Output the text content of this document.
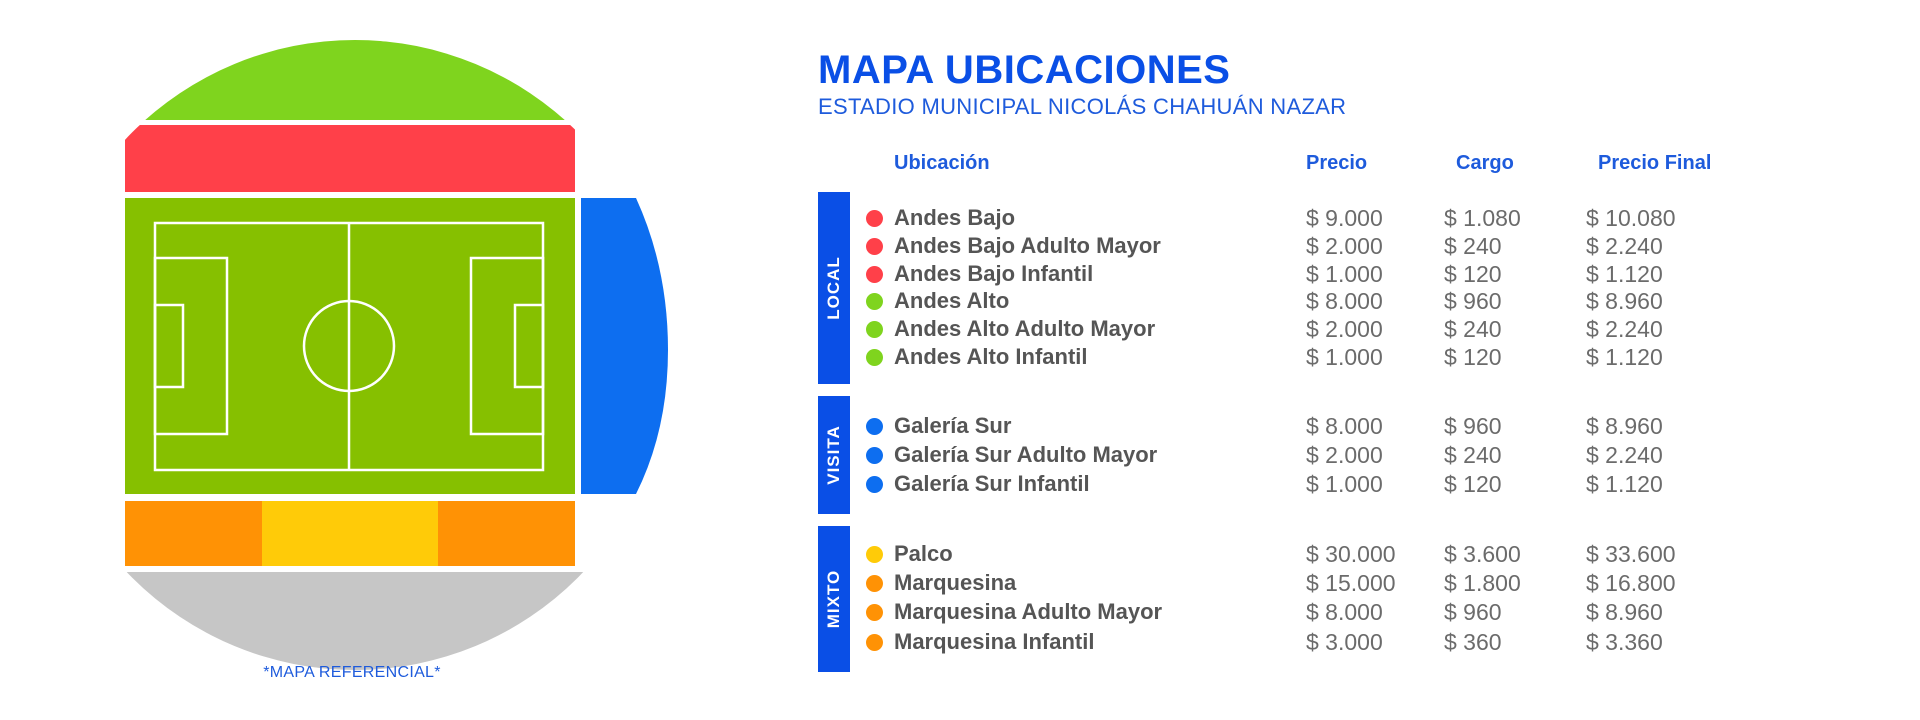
*MAPA REFERENCIAL*
MAPA UBICACIONES
ESTADIO MUNICIPAL NICOLÁS CHAHUÁN NAZAR
Ubicación	Precio	Cargo	Precio Final
LOCAL
VISITA
MIXTO
Andes Bajo	$ 9.000	$ 1.080	$ 10.080
Andes Bajo Adulto Mayor	$ 2.000	$ 240	$ 2.240
Andes Bajo Infantil	$ 1.000	$ 120	$ 1.120
Andes Alto	$ 8.000	$ 960	$ 8.960
Andes Alto Adulto Mayor	$ 2.000	$ 240	$ 2.240
Andes Alto Infantil	$ 1.000	$ 120	$ 1.120
Galería Sur	$ 8.000	$ 960	$ 8.960
Galería Sur Adulto Mayor	$ 2.000	$ 240	$ 2.240
Galería Sur Infantil	$ 1.000	$ 120	$ 1.120
Palco	$ 30.000 $ 3.600	$ 33.600
Marquesina	$ 15.000 $ 1.800	$ 16.800
Marquesina Adulto Mayor	$ 8.000	$ 960	$ 8.960
Marquesina Infantil	$ 3.000	$ 360	$ 3.360
